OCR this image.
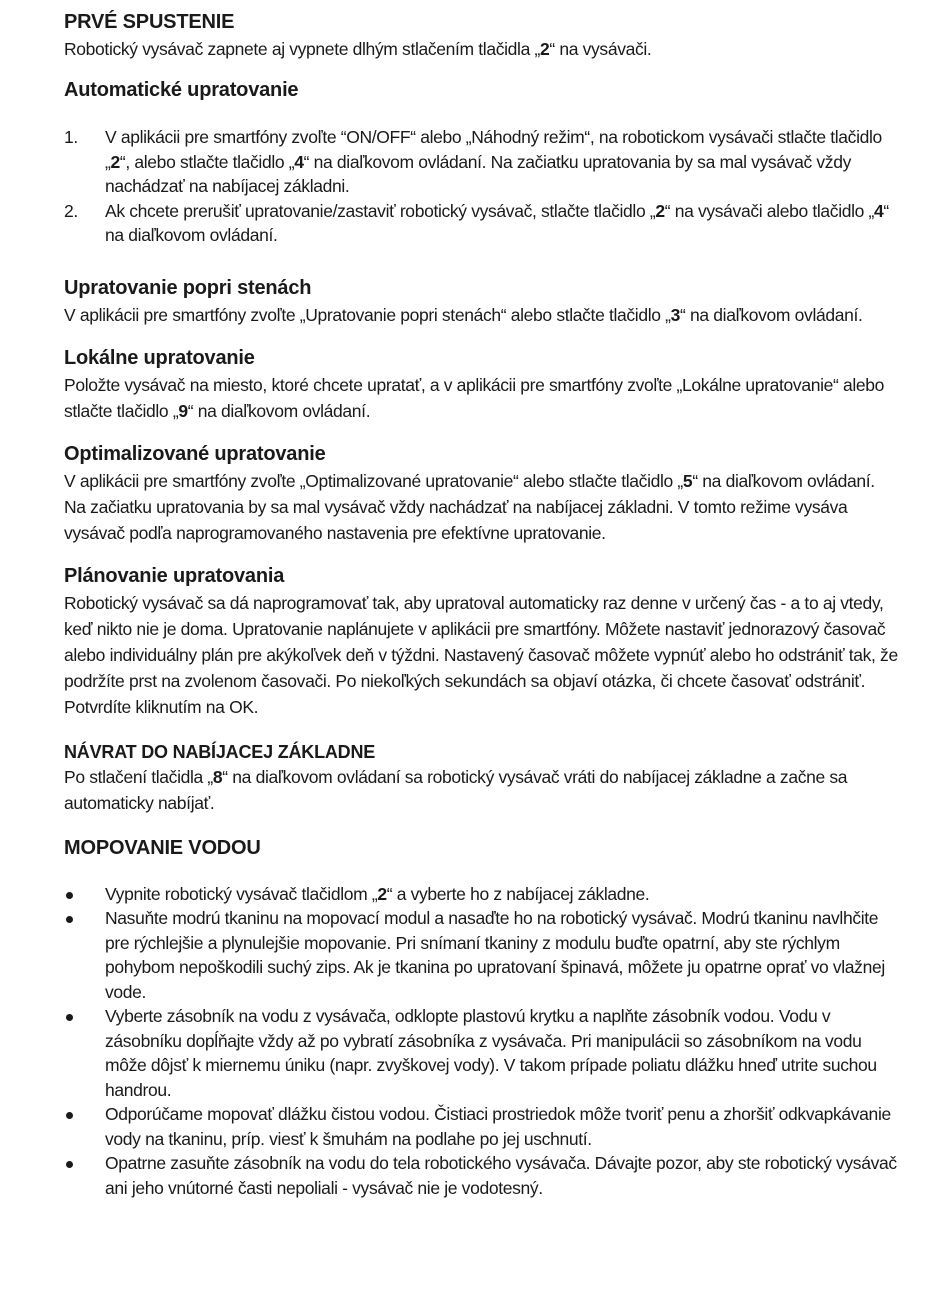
PRVÉ SPUSTENIE

Robotický vysávač zapnete aj vypnete dlhým stlačením tlačidla „2“ na vysávači.

Automatické upratovanie
1. V aplikácii pre smartfóny zvoľte “ON/OFF“ alebo „Náhodný režim“, na robotickom vysávači stlačte tlačidlo „2“, alebo stlačte tlačidlo „4“ na diaľkovom ovládaní. Na začiatku upratovania by sa mal vysávač vždy nachádzať na nabíjacej základni.
2. Ak chcete prerušiť upratovanie/zastaviť robotický vysávač, stlačte tlačidlo „2“ na vysávači alebo tlačidlo „4“ na diaľkovom ovládaní.
Upratovanie popri stenách

V aplikácii pre smartfóny zvoľte „Upratovanie popri stenách“ alebo stlačte tlačidlo „3“ na diaľkovom ovládaní.

Lokálne upratovanie

Položte vysávač na miesto, ktoré chcete upratať, a v aplikácii pre smartfóny zvoľte „Lokálne upratovanie“ alebo stlačte tlačidlo „9“ na diaľkovom ovládaní.

Optimalizované upratovanie

V aplikácii pre smartfóny zvoľte „Optimalizované upratovanie“ alebo stlačte tlačidlo „5“ na diaľkovom ovládaní. Na začiatku upratovania by sa mal vysávač vždy nachádzať na nabíjacej základni. V tomto režime vysáva vysávač podľa naprogramovaného nastavenia pre efektívne upratovanie.

Plánovanie upratovania

Robotický vysávač sa dá naprogramovať tak, aby upratoval automaticky raz denne v určený čas - a to aj vtedy, keď nikto nie je doma. Upratovanie naplánujete v aplikácii pre smartfóny. Môžete nastaviť jednorazový časovač alebo individuálny plán pre akýkoľvek deň v týždni. Nastavený časovač môžete vypnúť alebo ho odstrániť tak, že podržíte prst na zvolenom časovači. Po niekoľkých sekundách sa objaví otázka, či chcete časovať odstrániť. Potvrdíte kliknutím na OK.

NÁVRAT DO NABÍJACEJ ZÁKLADNE

Po stlačení tlačidla „8“ na diaľkovom ovládaní sa robotický vysávač vráti do nabíjacej základne a začne sa automaticky nabíjať.

MOPOVANIE VODOU
Vypnite robotický vysávač tlačidlom „2“ a vyberte ho z nabíjacej základne.
Nasuňte modrú tkaninu na mopovací modul a nasaďte ho na robotický vysávač. Modrú tkaninu navlhčite pre rýchlejšie a plynulejšie mopovanie. Pri snímaní tkaniny z modulu buďte opatrní, aby ste rýchlym pohybom nepoškodili suchý zips. Ak je tkanina po upratovaní špinavá, môžete ju opatrne oprať vo vlažnej vode.
Vyberte zásobník na vodu z vysávača, odklopte plastovú krytku a naplňte zásobník vodou. Vodu v zásobníku dopĺňajte vždy až po vybratí zásobníka z vysávača. Pri manipulácii so zásobníkom na vodu môže dôjsť k miernemu úniku (napr. zvyškovej vody). V takom prípade poliatu dlážku hneď utrite suchou handrou.
Odporúčame mopovať dlážku čistou vodou. Čistiaci prostriedok môže tvoriť penu a zhoršiť odkvapkávanie vody na tkaninu, príp. viesť k šmuhám na podlahe po jej uschnutí.
Opatrne zasuňte zásobník na vodu do tela robotického vysávača. Dávajte pozor, aby ste robotický vysávač ani jeho vnútorné časti nepoliali - vysávač nie je vodotesný.
